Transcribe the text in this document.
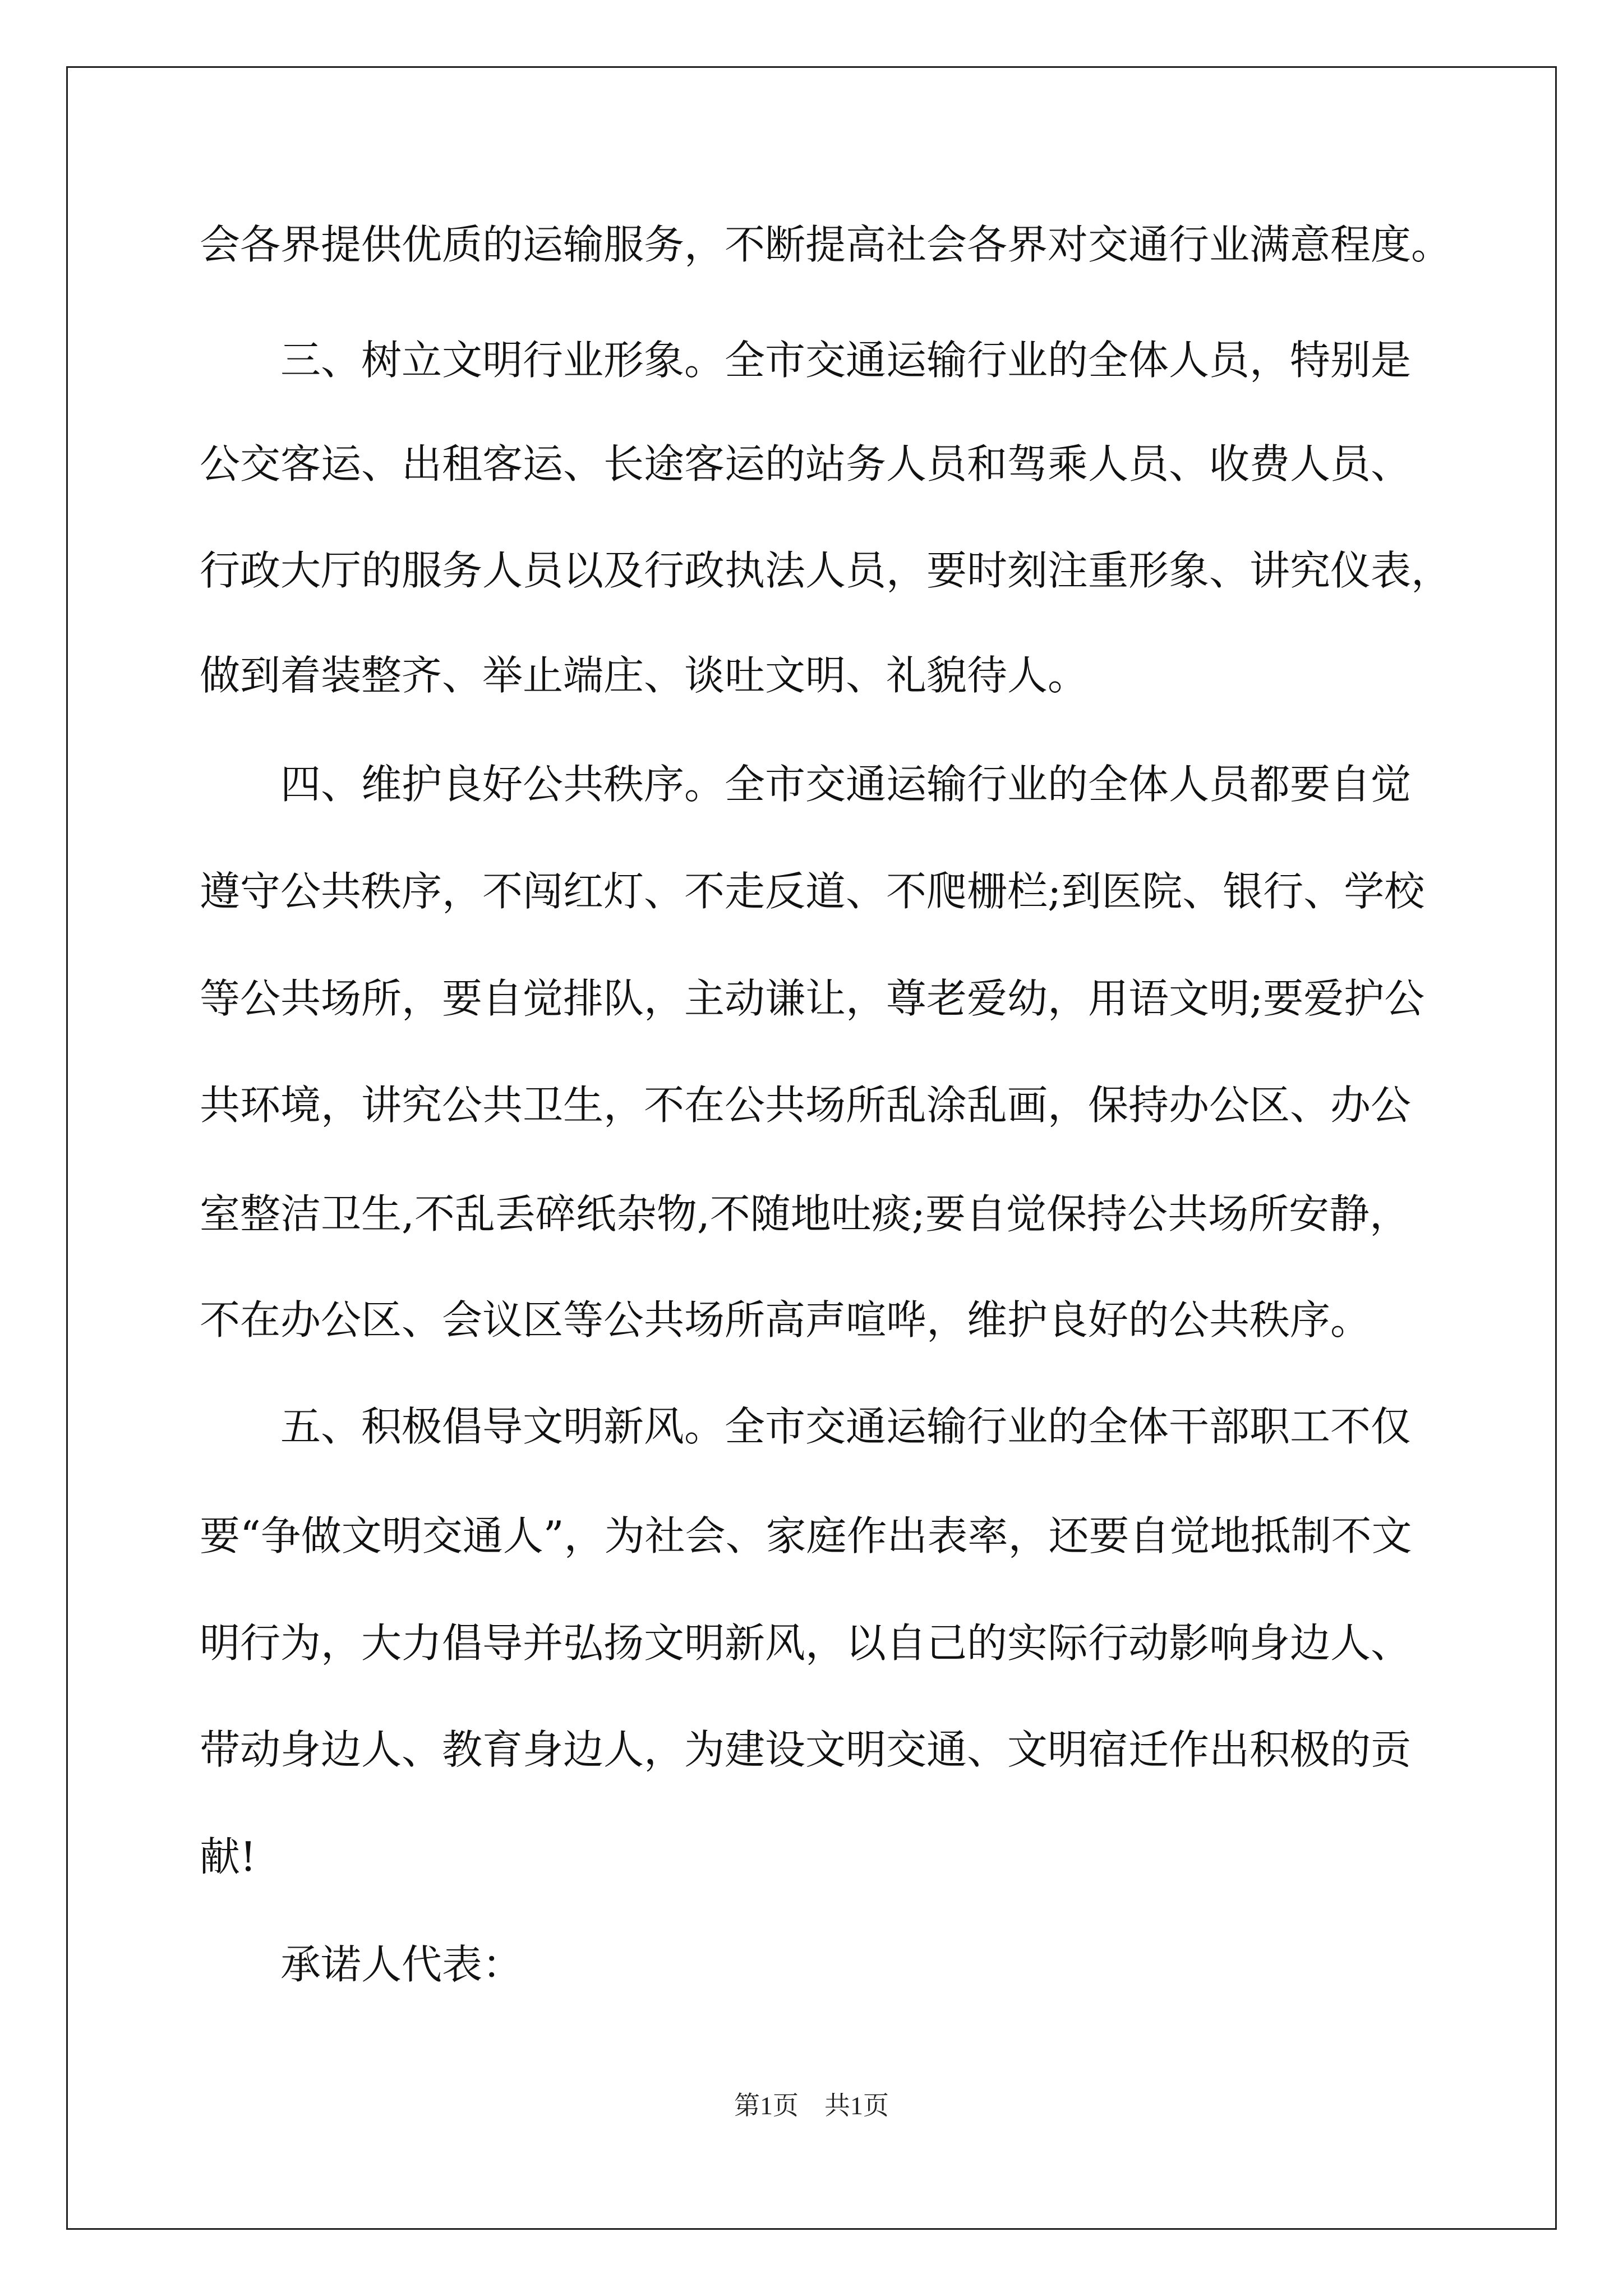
会各界提供优质的运输服务，不断提高社会各界对交通行业满意程度。
三、树立文明行业形象。全市交通运输行业的全体人员，特别是
公交客运、出租客运、长途客运的站务人员和驾乘人员、收费人员、
行政大厅的服务人员以及行政执法人员，要时刻注重形象、讲究仪表，
做到着装整齐、举止端庄、谈吐文明、礼貌待人。
四、维护良好公共秩序。全市交通运输行业的全体人员都要自觉
遵守公共秩序，不闯红灯、不走反道、不爬栅栏;到医院、银行、学校
等公共场所，要自觉排队，主动谦让，尊老爱幼，用语文明;要爱护公
共环境，讲究公共卫生，不在公共场所乱涂乱画，保持办公区、办公
室整洁卫生,不乱丢碎纸杂物,不随地吐痰;要自觉保持公共场所安静，
不在办公区、会议区等公共场所高声喧哗，维护良好的公共秩序。
五、积极倡导文明新风。全市交通运输行业的全体干部职工不仅
要“争做文明交通人”，为社会、家庭作出表率，还要自觉地抵制不文
明行为，大力倡导并弘扬文明新风，以自己的实际行动影响身边人、
带动身边人、教育身边人，为建设文明交通、文明宿迁作出积极的贡
献!
承诺人代表：
第1页　共1页
